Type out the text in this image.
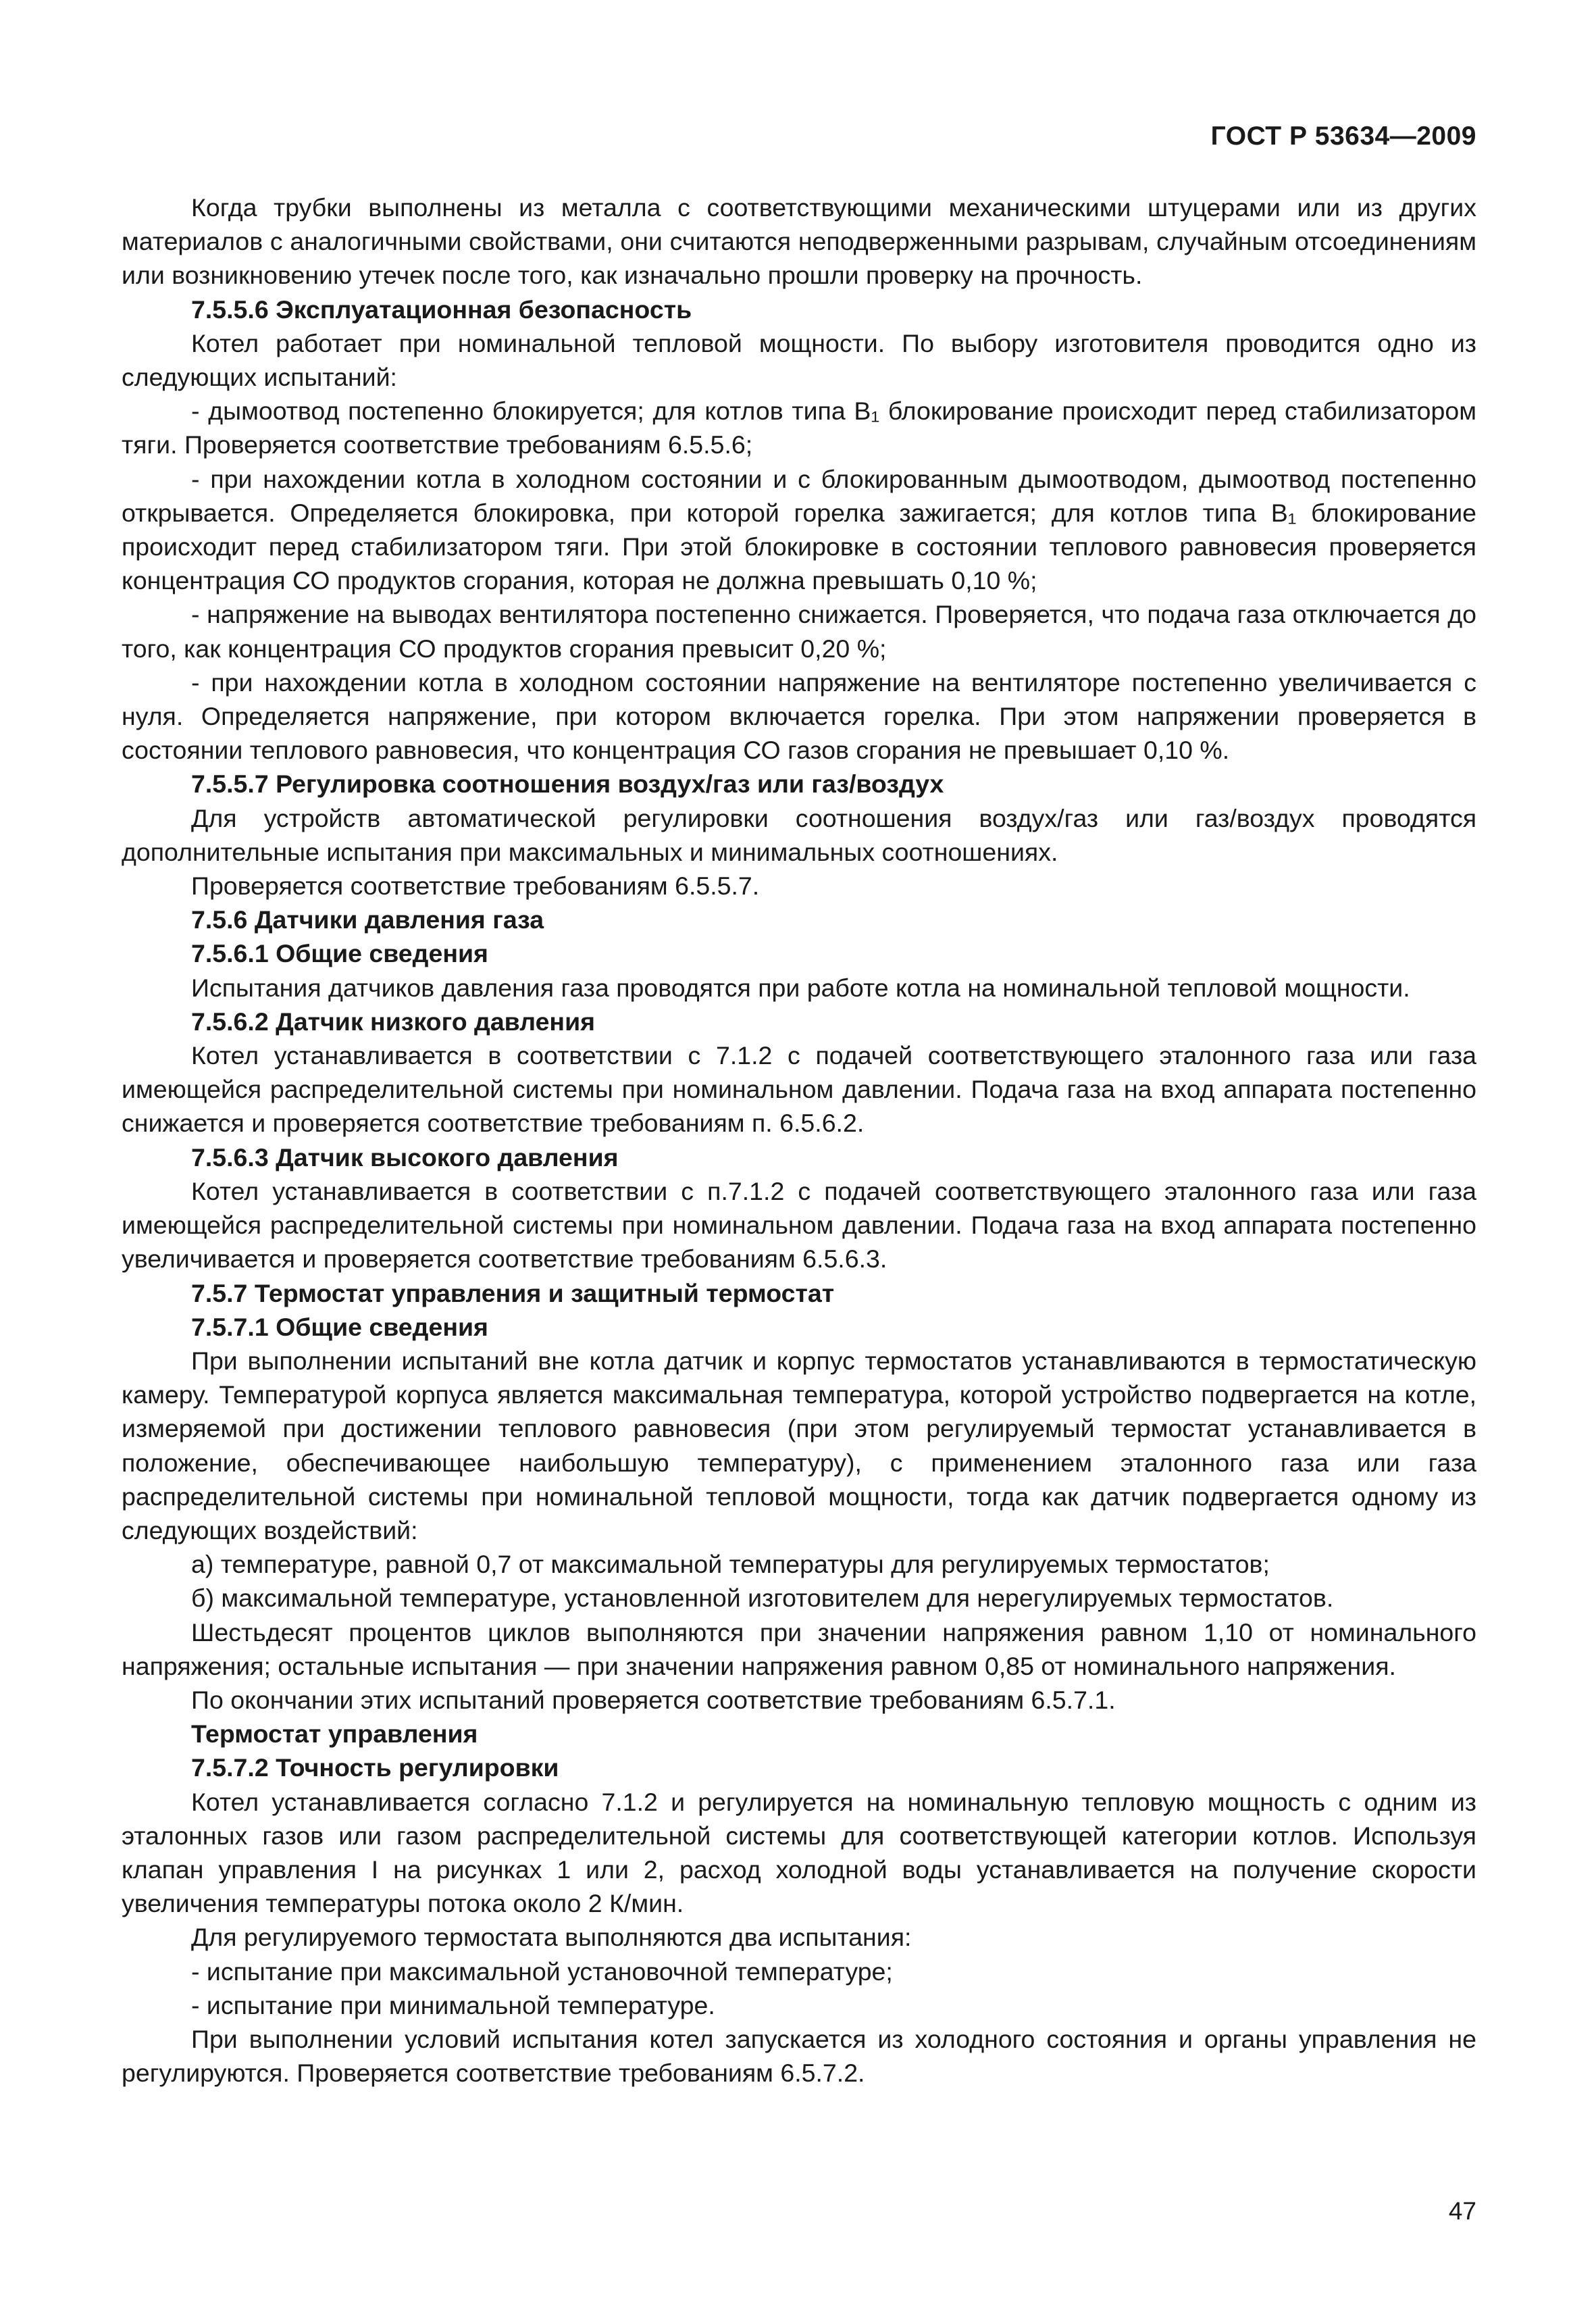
ГОСТ Р 53634—2009

Когда трубки выполнены из металла с соответствующими механическими штуцерами или из других материалов с аналогичными свойствами, они считаются неподверженными разрывам, случайным отсоединениям или возникновению утечек после того, как изначально прошли проверку на прочность.

7.5.5.6 Эксплуатационная безопасность

Котел работает при номинальной тепловой мощности. По выбору изготовителя проводится одно из следующих испытаний:

- дымоотвод постепенно блокируется; для котлов типа B₁ блокирование происходит перед стабилизатором тяги. Проверяется соответствие требованиям 6.5.5.6;

- при нахождении котла в холодном состоянии и с блокированным дымоотводом, дымоотвод постепенно открывается. Определяется блокировка, при которой горелка зажигается; для котлов типа B₁ блокирование происходит перед стабилизатором тяги. При этой блокировке в состоянии теплового равновесия проверяется концентрация СО продуктов сгорания, которая не должна превышать 0,10 %;

- напряжение на выводах вентилятора постепенно снижается. Проверяется, что подача газа отключается до того, как концентрация СО продуктов сгорания превысит 0,20 %;

- при нахождении котла в холодном состоянии напряжение на вентиляторе постепенно увеличивается с нуля. Определяется напряжение, при котором включается горелка. При этом напряжении проверяется в состоянии теплового равновесия, что концентрация СО газов сгорания не превышает 0,10 %.

7.5.5.7 Регулировка соотношения воздух/газ или газ/воздух

Для устройств автоматической регулировки соотношения воздух/газ или газ/воздух проводятся дополнительные испытания при максимальных и минимальных соотношениях.

Проверяется соответствие требованиям 6.5.5.7.

7.5.6 Датчики давления газа

7.5.6.1 Общие сведения

Испытания датчиков давления газа проводятся при работе котла на номинальной тепловой мощности.

7.5.6.2 Датчик низкого давления

Котел устанавливается в соответствии с 7.1.2 с подачей соответствующего эталонного газа или газа имеющейся распределительной системы при номинальном давлении. Подача газа на вход аппарата постепенно снижается и проверяется соответствие требованиям п. 6.5.6.2.

7.5.6.3 Датчик высокого давления

Котел устанавливается в соответствии с п.7.1.2 с подачей соответствующего эталонного газа или газа имеющейся распределительной системы при номинальном давлении. Подача газа на вход аппарата постепенно увеличивается и проверяется соответствие требованиям 6.5.6.3.

7.5.7 Термостат управления и защитный термостат

7.5.7.1 Общие сведения

При выполнении испытаний вне котла датчик и корпус термостатов устанавливаются в термостатическую камеру. Температурой корпуса является максимальная температура, которой устройство подвергается на котле, измеряемой при достижении теплового равновесия (при этом регулируемый термостат устанавливается в положение, обеспечивающее наибольшую температуру), с применением эталонного газа или газа распределительной системы при номинальной тепловой мощности, тогда как датчик подвергается одному из следующих воздействий:

а) температуре, равной 0,7 от максимальной температуры для регулируемых термостатов;

б) максимальной температуре, установленной изготовителем для нерегулируемых термостатов.

Шестьдесят процентов циклов выполняются при значении напряжения равном 1,10 от номинального напряжения; остальные испытания — при значении напряжения равном 0,85 от номинального напряжения.

По окончании этих испытаний проверяется соответствие требованиям 6.5.7.1.

Термостат управления

7.5.7.2 Точность регулировки

Котел устанавливается согласно 7.1.2 и регулируется на номинальную тепловую мощность с одним из эталонных газов или газом распределительной системы для соответствующей категории котлов. Используя клапан управления I на рисунках 1 или 2, расход холодной воды устанавливается на получение скорости увеличения температуры потока около 2 К/мин.

Для регулируемого термостата выполняются два испытания:

- испытание при максимальной установочной температуре;

- испытание при минимальной температуре.

При выполнении условий испытания котел запускается из холодного состояния и органы управления не регулируются. Проверяется соответствие требованиям 6.5.7.2.

47
